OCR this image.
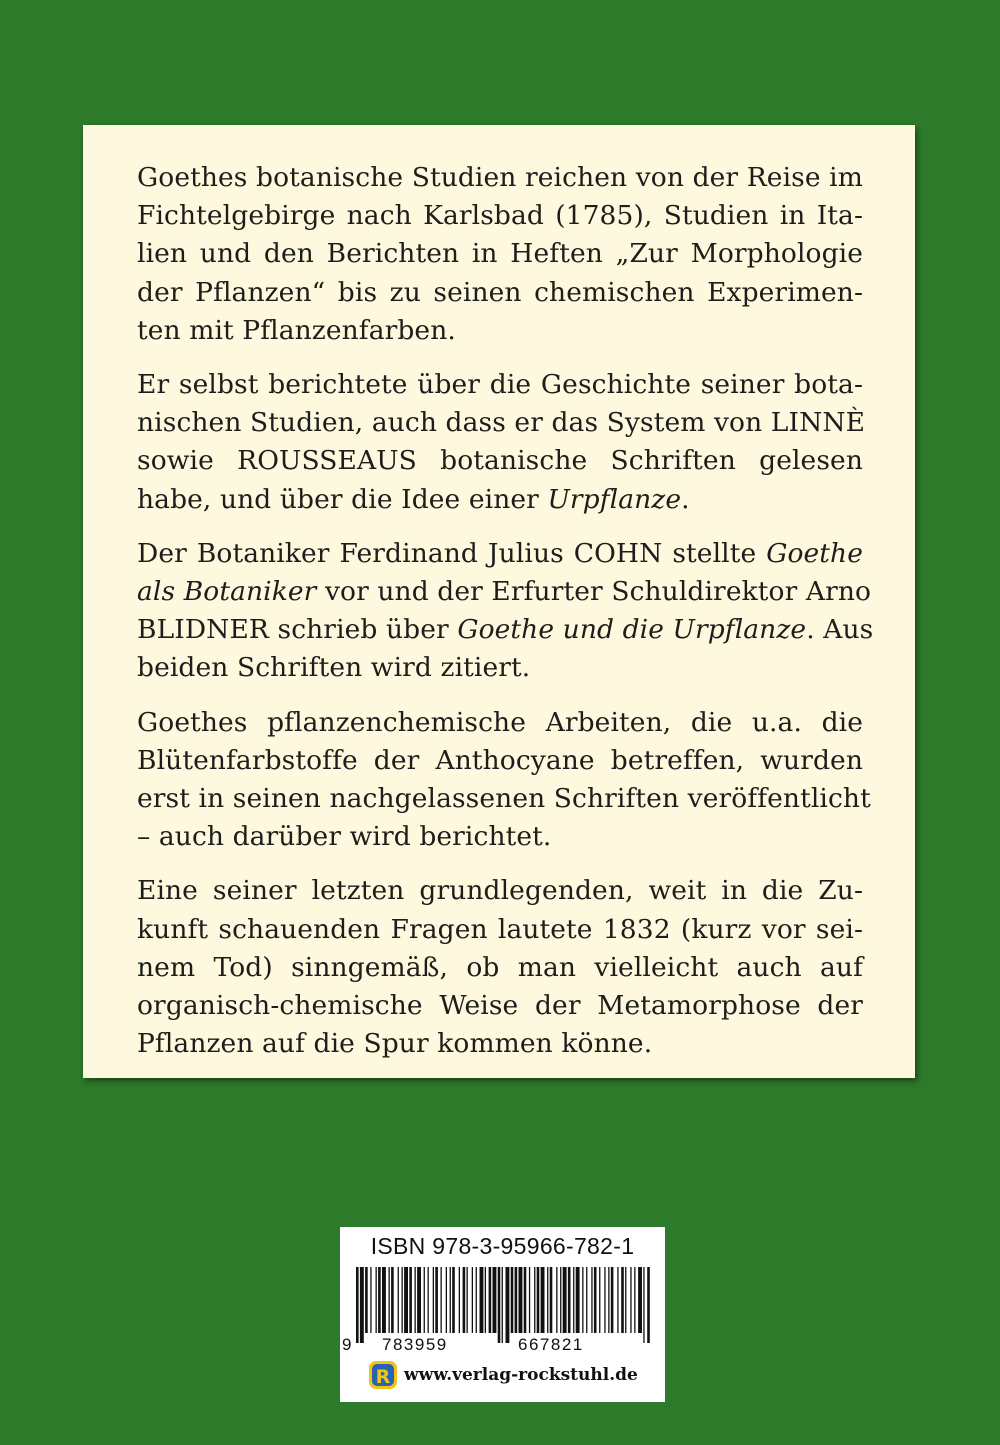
Goethes botanische Studien reichen von der Reise im
Fichtelgebirge nach Karlsbad (1785), Studien in Ita-
lien und den Berichten in Heften „Zur Morphologie
der Pflanzen“ bis zu seinen chemischen Experimen-
ten mit Pflanzenfarben.

Er selbst berichtete über die Geschichte seiner bota-
nischen Studien, auch dass er das System von LINNÈ
sowie ROUSSEAUS botanische Schriften gelesen
habe, und über die Idee einer Urpflanze.

Der Botaniker Ferdinand Julius COHN stellte Goethe
als Botaniker vor und der Erfurter Schuldirektor Arno
BLIDNER schrieb über Goethe und die Urpflanze. Aus
beiden Schriften wird zitiert.

Goethes pflanzenchemische Arbeiten, die u.a. die
Blütenfarbstoffe der Anthocyane betreffen, wurden
erst in seinen nachgelassenen Schriften veröffentlicht
– auch darüber wird berichtet.

Eine seiner letzten grundlegenden, weit in die Zu-
kunft schauenden Fragen lautete 1832 (kurz vor sei-
nem Tod) sinngemäß, ob man vielleicht auch auf
organisch-chemische Weise der Metamorphose der
Pflanzen auf die Spur kommen könne.

ISBN 978-3-95966-782-1
9 783959	667821
R www.verlag-rockstuhl.de
